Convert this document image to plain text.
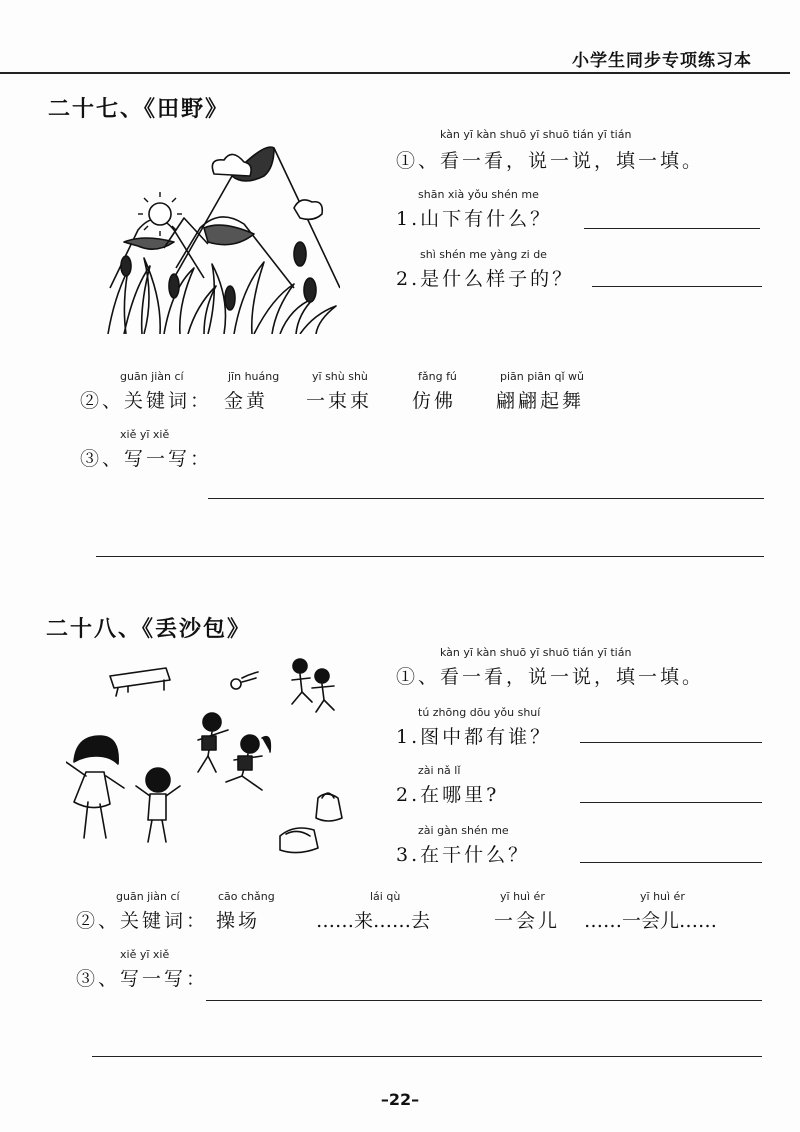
小学生同步专项练习本
二十七、《田野》
kàn yī kàn shuō yī shuō tián yī tián
①、看一看，说一说，填一填。
shān xià yǒu shén me
1.山下有什么？
shì shén me yàng zi de
2.是什么样子的？
guān jiàn cí
②、关键词：
jīn huáng
金黄
yī shù shù
一束束
fǎng fú
仿佛
piān piān qǐ wǔ
翩翩起舞
xiě yī xiě
③、写一写：
二十八、《丢沙包》
kàn yī kàn shuō yī shuō tián yī tián
①、看一看，说一说，填一填。
tú zhōng dōu yǒu shuí
1.图中都有谁？
zài nǎ lǐ
2.在哪里?
zài gàn shén me
3.在干什么？
guān jiàn cí
②、关键词：
cāo chǎng
操场
lái qù
……来……去
yī huì ér
一会儿
yī huì ér
……一会儿……
xiě yī xiě
③、写一写：
–22–
